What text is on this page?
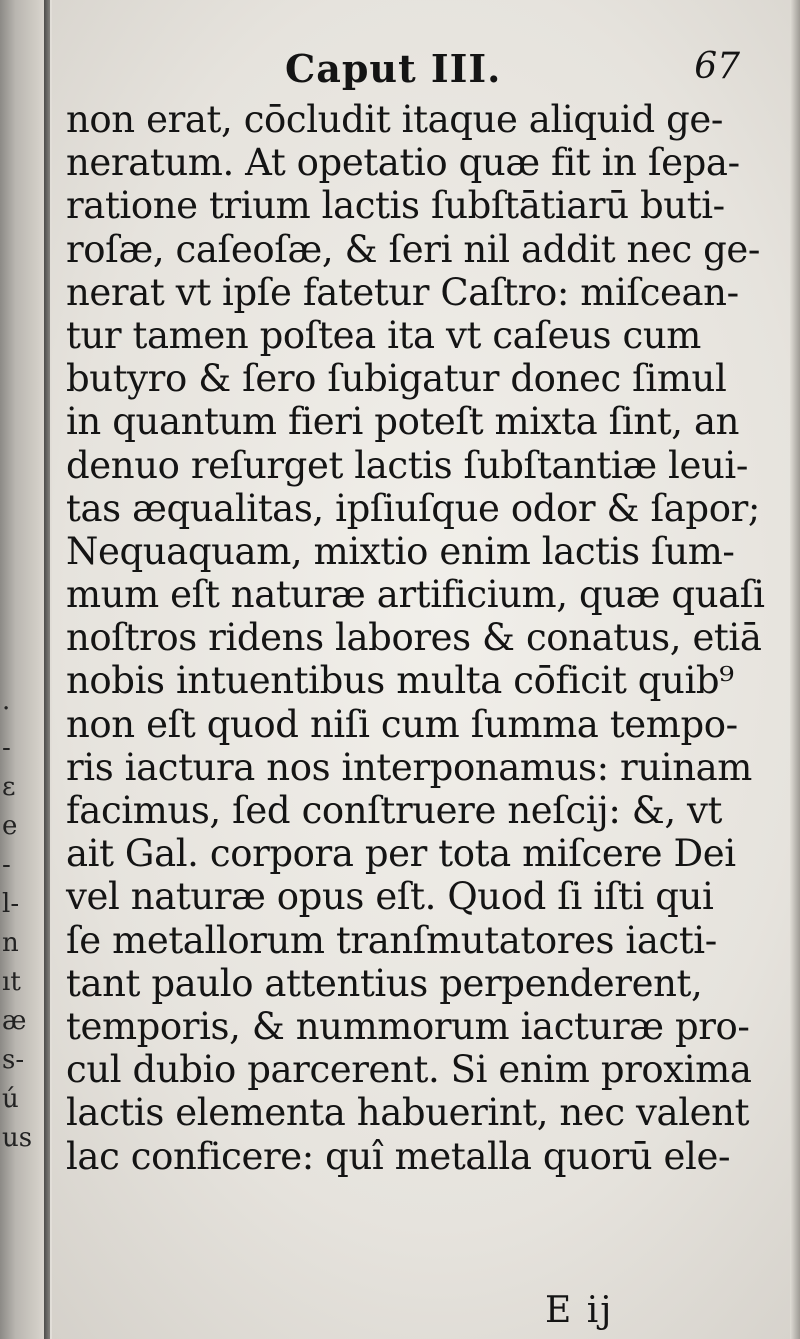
·
-
ε
e
-
l-
n
ıt
æ
s-
ú
us
Caput III.	67
non erat, cōcludit itaque aliquid ge-
neratum. At opetatio quæ fit in ſepa-
ratione trium lactis ſubſtātiarū buti-
roſæ, caſeoſæ, & ſeri nil addit nec ge-
nerat vt ipſe fatetur Caſtro: miſcean-
tur tamen poſtea ita vt caſeus cum
butyro & ſero ſubigatur donec ſimul
in quantum fieri poteſt mixta ſint, an
denuo reſurget lactis ſubſtantiæ leui-
tas æqualitas, ipſiuſque odor & ſapor;
Nequaquam, mixtio enim lactis ſum-
mum eſt naturæ artificium, quæ quaſi
noſtros ridens labores & conatus, etiā
nobis intuentibus multa cōficit quib⁹
non eſt quod niſi cum ſumma tempo-
ris iactura nos interponamus: ruinam
facimus, ſed conſtruere neſcij: &, vt
ait Gal. corpora per tota miſcere Dei
vel naturæ opus eſt. Quod ſi iſti qui
ſe metallorum tranſmutatores iacti-
tant paulo attentius perpenderent,
temporis, & nummorum iacturæ pro-
cul dubio parcerent. Si enim proxima
lactis elementa habuerint, nec valent
lac conficere: quî metalla quorū ele-
E ij
